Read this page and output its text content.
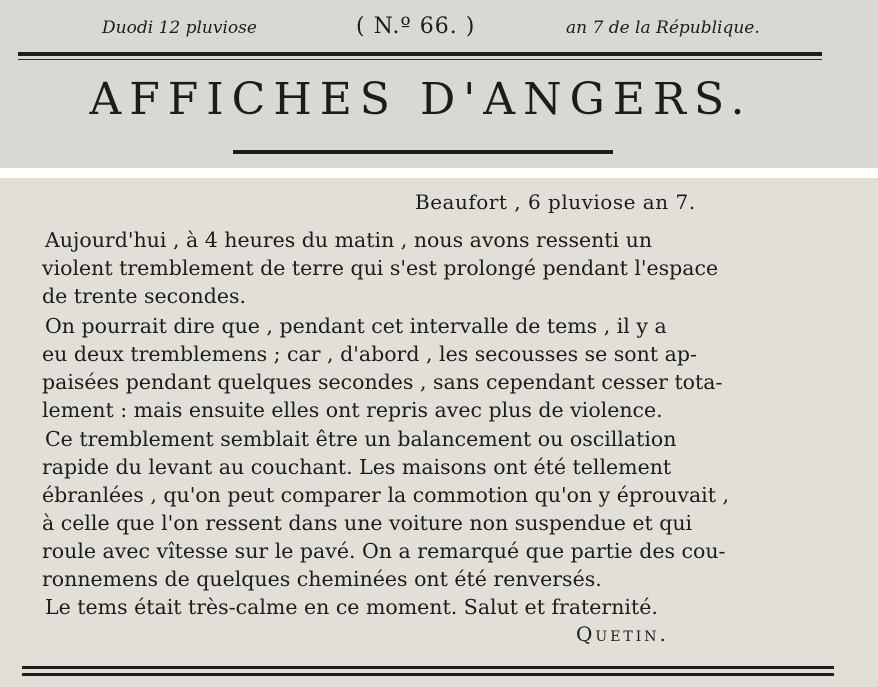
Duodi 12 pluviose	( N.º 66. )	an 7 de la République.
AFFICHES D'ANGERS.
Beaufort , 6 pluviose an 7.
Aujourd'hui , à 4 heures du matin , nous avons ressenti un
violent tremblement de terre qui s'est prolongé pendant l'espace
de trente secondes.
On pourrait dire que , pendant cet intervalle de tems , il y a
eu deux tremblemens ; car , d'abord , les secousses se sont ap-
paisées pendant quelques secondes , sans cependant cesser tota-
lement : mais ensuite elles ont repris avec plus de violence.
Ce tremblement semblait être un balancement ou oscillation
rapide du levant au couchant. Les maisons ont été tellement
ébranlées , qu'on peut comparer la commotion qu'on y éprouvait ,
à celle que l'on ressent dans une voiture non suspendue et qui
roule avec vîtesse sur le pavé. On a remarqué que partie des cou-
ronnemens de quelques cheminées ont été renversés.
Le tems était très-calme en ce moment. Salut et fraternité.
Quetin.
